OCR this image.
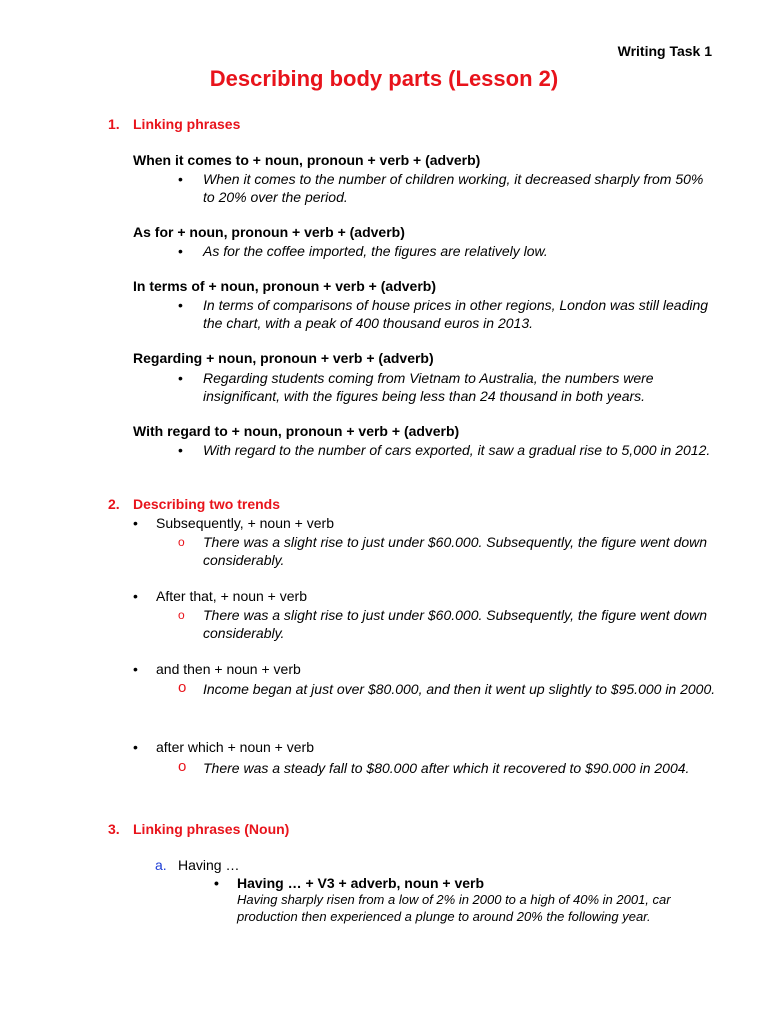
Writing Task 1
Describing body parts (Lesson 2)
1. Linking phrases
When it comes to + noun, pronoun + verb + (adverb)
• When it comes to the number of children working, it decreased sharply from 50% to 20% over the period.
As for + noun, pronoun + verb + (adverb)
• As for the coffee imported, the figures are relatively low.
In terms of + noun, pronoun + verb + (adverb)
• In terms of comparisons of house prices in other regions, London was still leading the chart, with a peak of 400 thousand euros in 2013.
Regarding + noun, pronoun + verb + (adverb)
• Regarding students coming from Vietnam to Australia, the numbers were insignificant, with the figures being less than 24 thousand in both years.
With regard to + noun, pronoun + verb + (adverb)
• With regard to the number of cars exported, it saw a gradual rise to 5,000 in 2012.
2. Describing two trends
• Subsequently, + noun + verb
o There was a slight rise to just under $60.000. Subsequently, the figure went down considerably.
• After that, + noun + verb
o There was a slight rise to just under $60.000. Subsequently, the figure went down considerably.
• and then + noun + verb
o Income began at just over $80.000, and then it went up slightly to $95.000 in 2000.
• after which + noun + verb
o There was a steady fall to $80.000 after which it recovered to $90.000 in 2004.
3. Linking phrases (Noun)
a. Having …
• Having … + V3 + adverb, noun + verb
Having sharply risen from a low of 2% in 2000 to a high of 40% in 2001, car production then experienced a plunge to around 20% the following year.
